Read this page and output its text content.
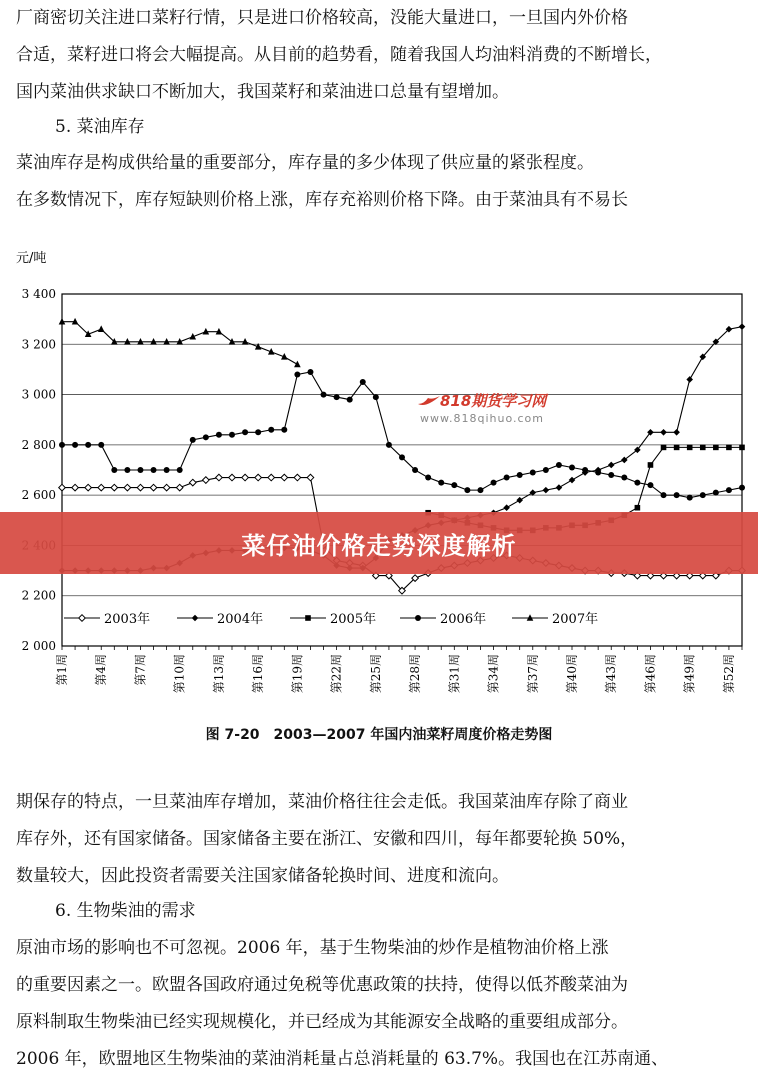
厂商密切关注进口菜籽行情，只是进口价格较高，没能大量进口，一旦国内外价格

合适，菜籽进口将会大幅提高。从目前的趋势看，随着我国人均油料消费的不断增长，

国内菜油供求缺口不断加大，我国菜籽和菜油进口总量有望增加。

5. 菜油库存

菜油库存是构成供给量的重要部分，库存量的多少体现了供应量的紧张程度。

在多数情况下，库存短缺则价格上涨，库存充裕则价格下降。由于菜油具有不易长

元/吨
2 000
2 200
2 600
2 800
3 000
3 200
3 400
第1周 第4周 第7周 第10周 第13周 第16周 第19周 第22周 第25周 第28周 第31周 第34周 第37周 第40周 第43周 第46周 第49周 第52周
2003年	2004年	2005年	2006年	2007年
818期货学习网
www.818qihuo.com
图 7-20　2003—2007 年国内油菜籽周度价格走势图
菜仔油价格走势深度解析

期保存的特点，一旦菜油库存增加，菜油价格往往会走低。我国菜油库存除了商业

库存外，还有国家储备。国家储备主要在浙江、安徽和四川，每年都要轮换 50%，

数量较大，因此投资者需要关注国家储备轮换时间、进度和流向。

6. 生物柴油的需求

原油市场的影响也不可忽视。2006 年，基于生物柴油的炒作是植物油价格上涨

的重要因素之一。欧盟各国政府通过免税等优惠政策的扶持，使得以低芥酸菜油为

原料制取生物柴油已经实现规模化，并已经成为其能源安全战略的重要组成部分。

2006 年，欧盟地区生物柴油的菜油消耗量占总消耗量的 63.7%。我国也在江苏南通、
